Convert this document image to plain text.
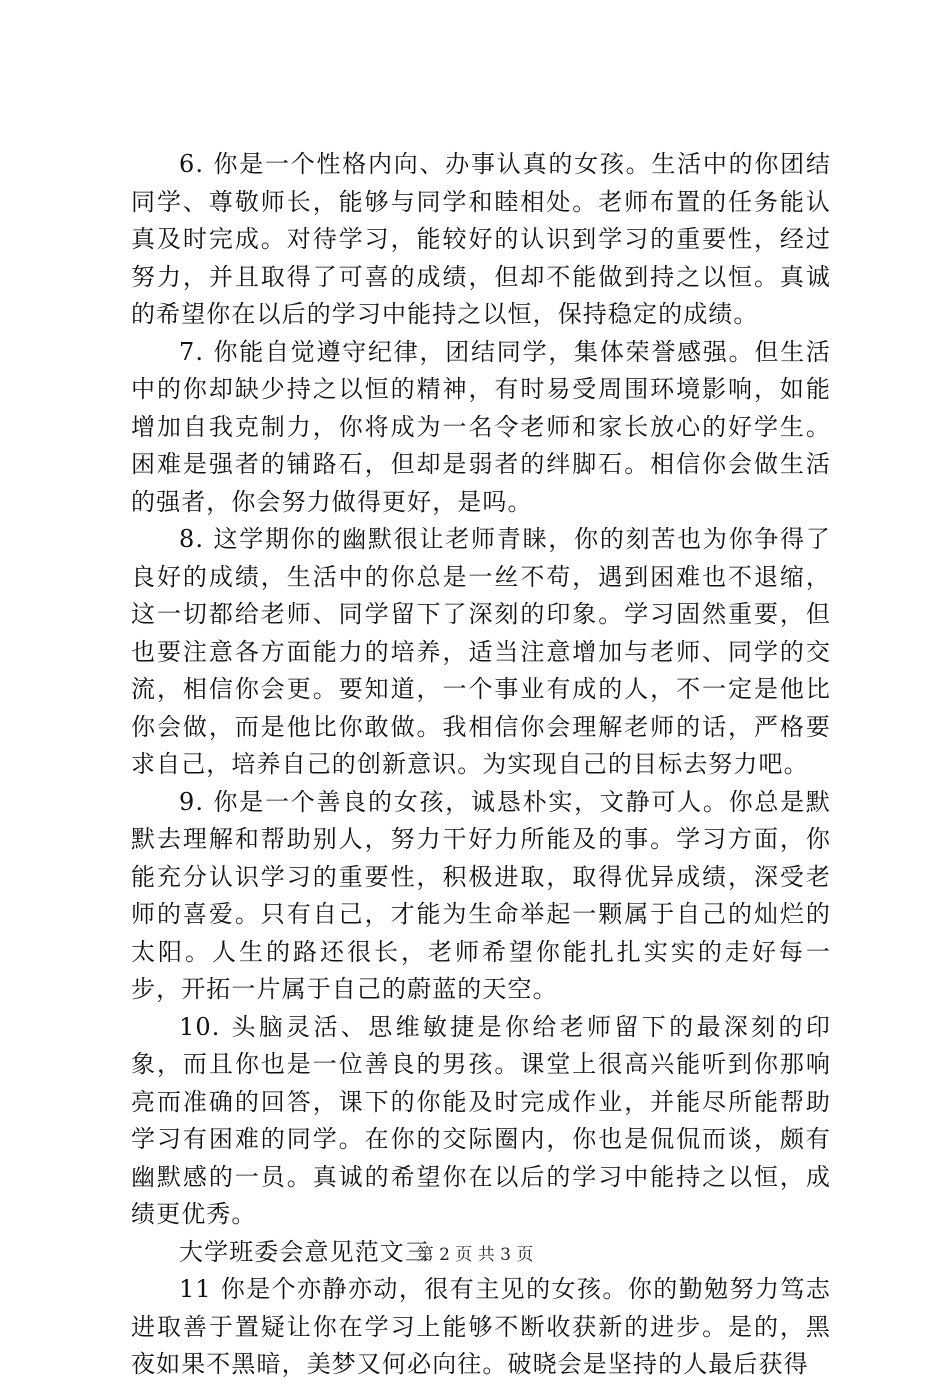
6. 你是一个性格内向、办事认真的女孩。生活中的你团结同学、尊敬师长，能够与同学和睦相处。老师布置的任务能认真及时完成。对待学习，能较好的认识到学习的重要性，经过努力，并且取得了可喜的成绩，但却不能做到持之以恒。真诚的希望你在以后的学习中能持之以恒，保持稳定的成绩。

7. 你能自觉遵守纪律，团结同学，集体荣誉感强。但生活中的你却缺少持之以恒的精神，有时易受周围环境影响，如能增加自我克制力，你将成为一名令老师和家长放心的好学生。困难是强者的铺路石，但却是弱者的绊脚石。相信你会做生活的强者，你会努力做得更好，是吗。

8. 这学期你的幽默很让老师青睐，你的刻苦也为你争得了良好的成绩，生活中的你总是一丝不苟，遇到困难也不退缩，这一切都给老师、同学留下了深刻的印象。学习固然重要，但也要注意各方面能力的培养，适当注意增加与老师、同学的交流，相信你会更。要知道，一个事业有成的人，不一定是他比你会做，而是他比你敢做。我相信你会理解老师的话，严格要求自己，培养自己的创新意识。为实现自己的目标去努力吧。

9. 你是一个善良的女孩，诚恳朴实，文静可人。你总是默默去理解和帮助别人，努力干好力所能及的事。学习方面，你能充分认识学习的重要性，积极进取，取得优异成绩，深受老师的喜爱。只有自己，才能为生命举起一颗属于自己的灿烂的太阳。人生的路还很长，老师希望你能扎扎实实的走好每一步，开拓一片属于自己的蔚蓝的天空。

10. 头脑灵活、思维敏捷是你给老师留下的最深刻的印象，而且你也是一位善良的男孩。课堂上很高兴能听到你那响亮而准确的回答，课下的你能及时完成作业，并能尽所能帮助学习有困难的同学。在你的交际圈内，你也是侃侃而谈，颇有幽默感的一员。真诚的希望你在以后的学习中能持之以恒，成绩更优秀。

大学班委会意见范文三

11 你是个亦静亦动，很有主见的女孩。你的勤勉努力笃志进取善于置疑让你在学习上能够不断收获新的进步。是的，黑夜如果不黑暗，美梦又何必向往。破晓会是坚持的人最后获得

第 2 页 共 3 页
